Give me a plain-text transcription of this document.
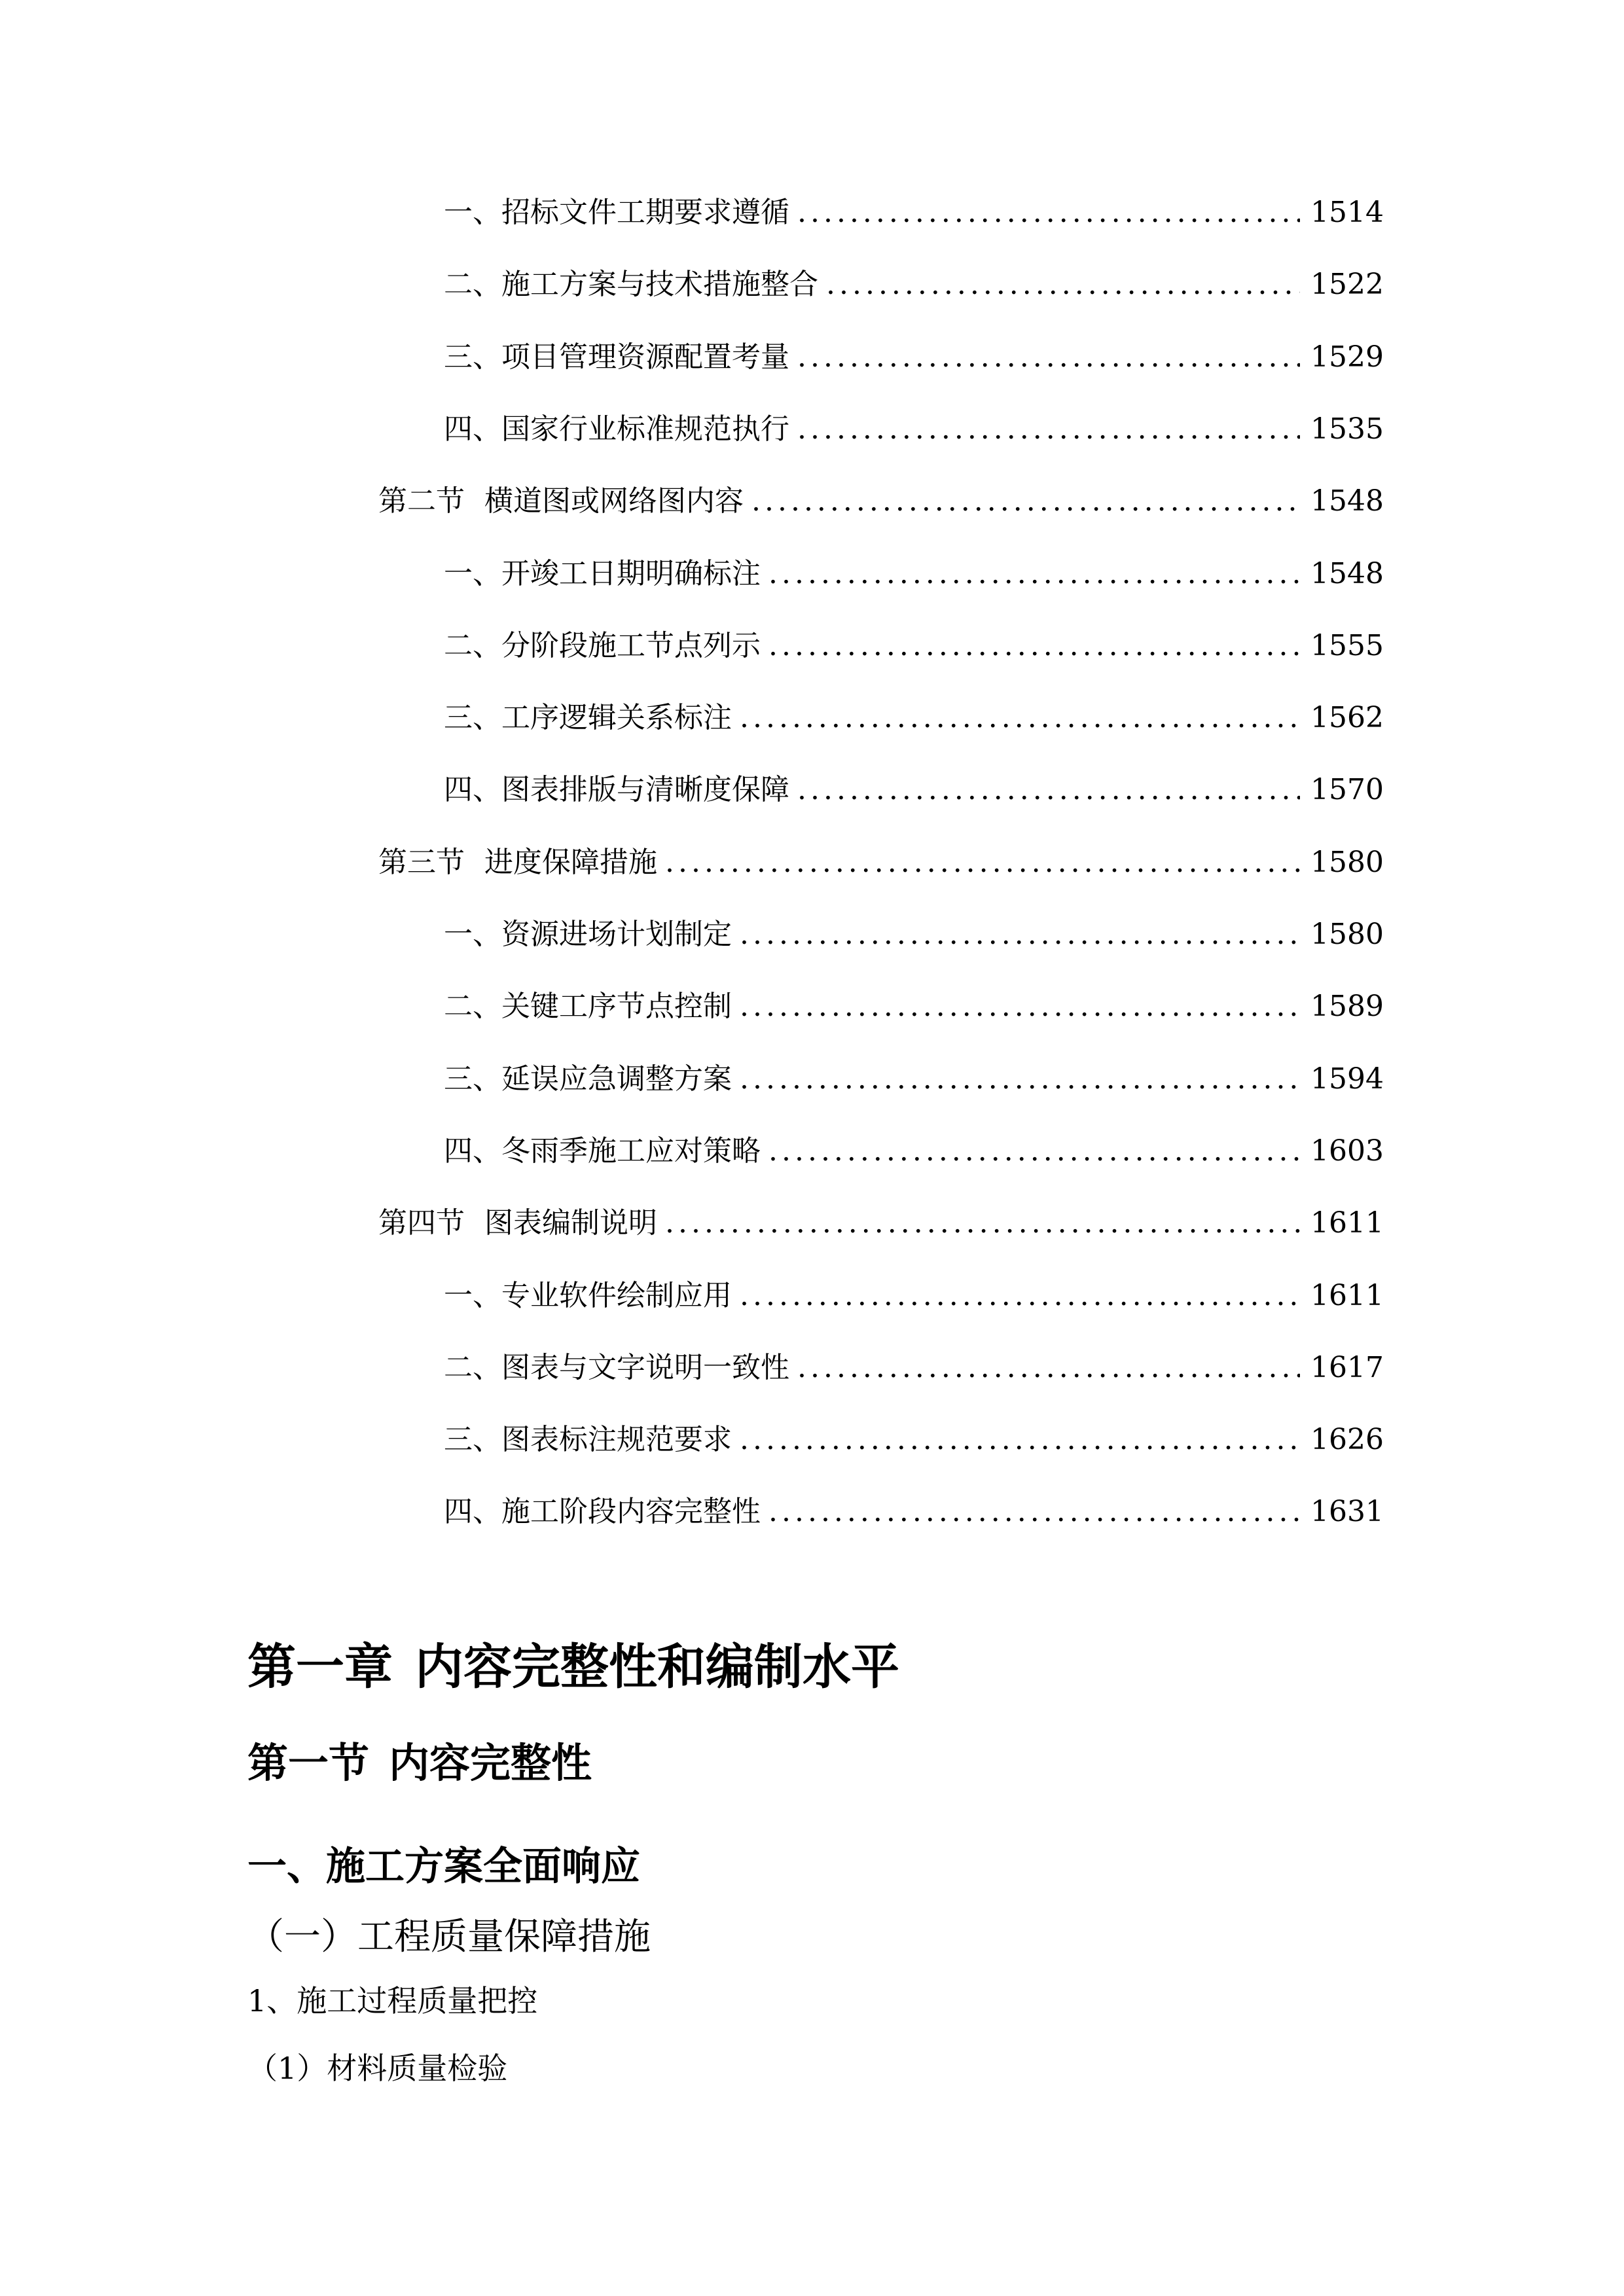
一、 招标文件工期要求遵循 .....	1514
二、 施工方案与技术措施整合 .....	1522
三、 项目管理资源配置考量 .....	1529
四、 国家行业标准规范执行 .....	1535
第二节 横道图或网络图内容 .....	1548
一、 开竣工日期明确标注 .....	1548
二、 分阶段施工节点列示 .....	1555
三、 工序逻辑关系标注 .....	1562
四、 图表排版与清晰度保障 .....	1570
第三节 进度保障措施 .....	1580
一、 资源进场计划制定 .....	1580
二、 关键工序节点控制 .....	1589
三、 延误应急调整方案 .....	1594
四、 冬雨季施工应对策略 .....	1603
第四节 图表编制说明 .....	1611
一、 专业软件绘制应用 .....	1611
二、 图表与文字说明一致性 .....	1617
三、 图表标注规范要求 .....	1626
四、 施工阶段内容完整性 .....	1631
第一章 内容完整性和编制水平
第一节 内容完整性
一、施工方案全面响应
（一）工程质量保障措施
1、施工过程质量把控
（1）材料质量检验
